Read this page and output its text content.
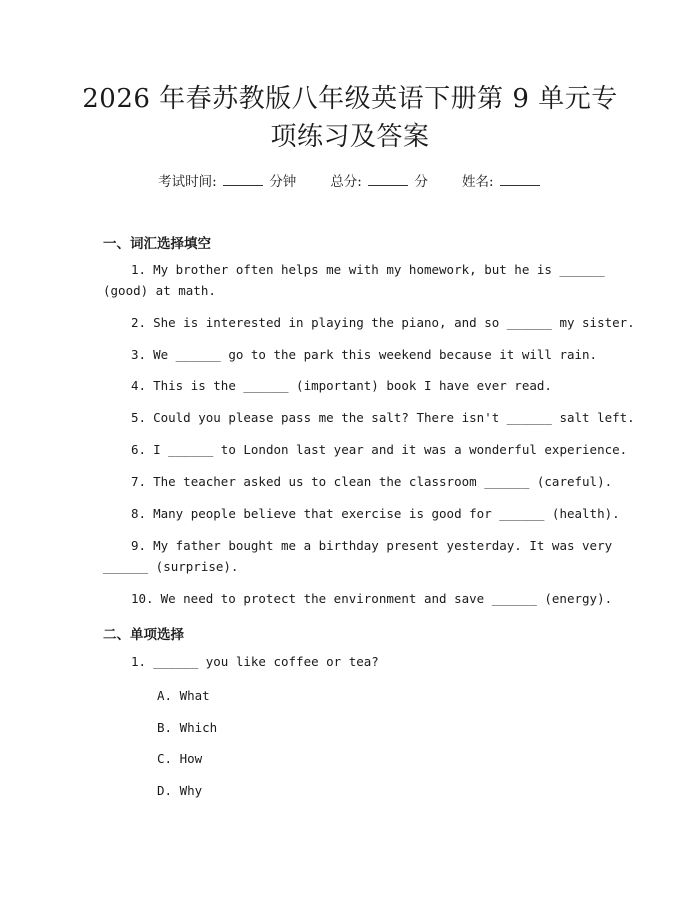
2026 年春苏教版八年级英语下册第 9 单元专
项练习及答案
考试时间:	分钟	总分:	分	姓名:
一、词汇选择填空
1. My brother often helps me with my homework, but he is ______
(good) at math.
2. She is interested in playing the piano, and so ______ my sister.
3. We ______ go to the park this weekend because it will rain.
4. This is the ______ (important) book I have ever read.
5. Could you please pass me the salt? There isn't ______ salt left.
6. I ______ to London last year and it was a wonderful experience.
7. The teacher asked us to clean the classroom ______ (careful).
8. Many people believe that exercise is good for ______ (health).
9. My father bought me a birthday present yesterday. It was very
______ (surprise).
10. We need to protect the environment and save ______ (energy).
二、单项选择
1. ______ you like coffee or tea?
A. What
B. Which
C. How
D. Why
